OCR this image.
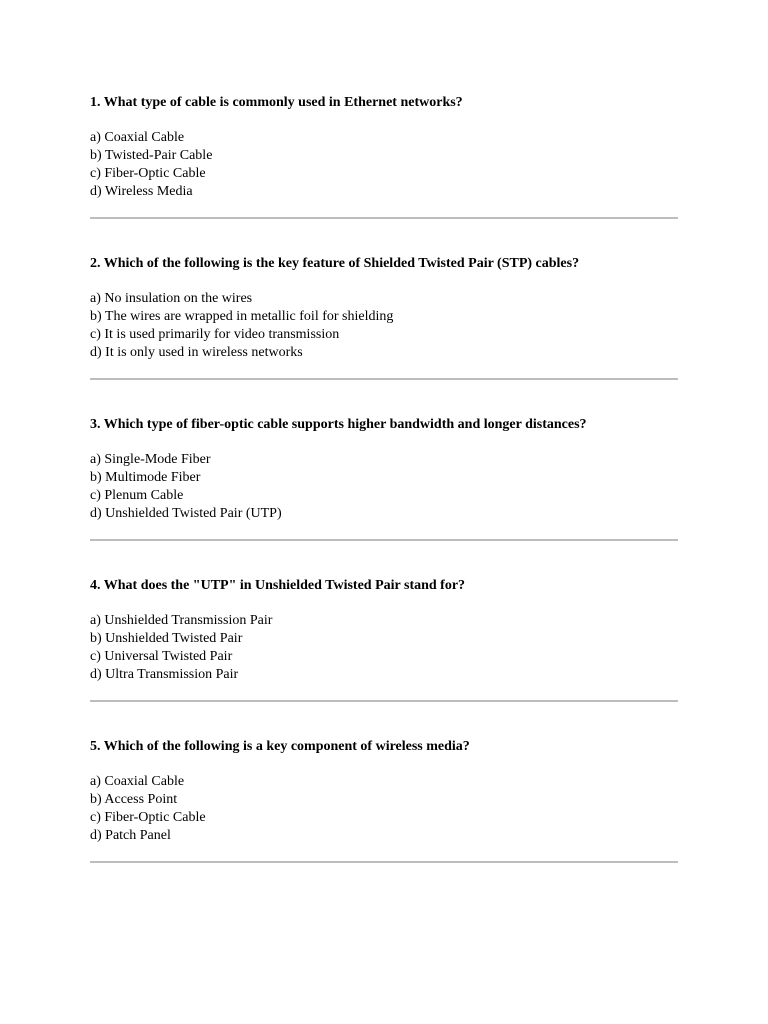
1. What type of cable is commonly used in Ethernet networks?

a) Coaxial Cable
b) Twisted-Pair Cable
c) Fiber-Optic Cable
d) Wireless Media

2. Which of the following is the key feature of Shielded Twisted Pair (STP) cables?

a) No insulation on the wires
b) The wires are wrapped in metallic foil for shielding
c) It is used primarily for video transmission
d) It is only used in wireless networks

3. Which type of fiber-optic cable supports higher bandwidth and longer distances?

a) Single-Mode Fiber
b) Multimode Fiber
c) Plenum Cable
d) Unshielded Twisted Pair (UTP)

4. What does the "UTP" in Unshielded Twisted Pair stand for?

a) Unshielded Transmission Pair
b) Unshielded Twisted Pair
c) Universal Twisted Pair
d) Ultra Transmission Pair

5. Which of the following is a key component of wireless media?

a) Coaxial Cable
b) Access Point
c) Fiber-Optic Cable
d) Patch Panel
